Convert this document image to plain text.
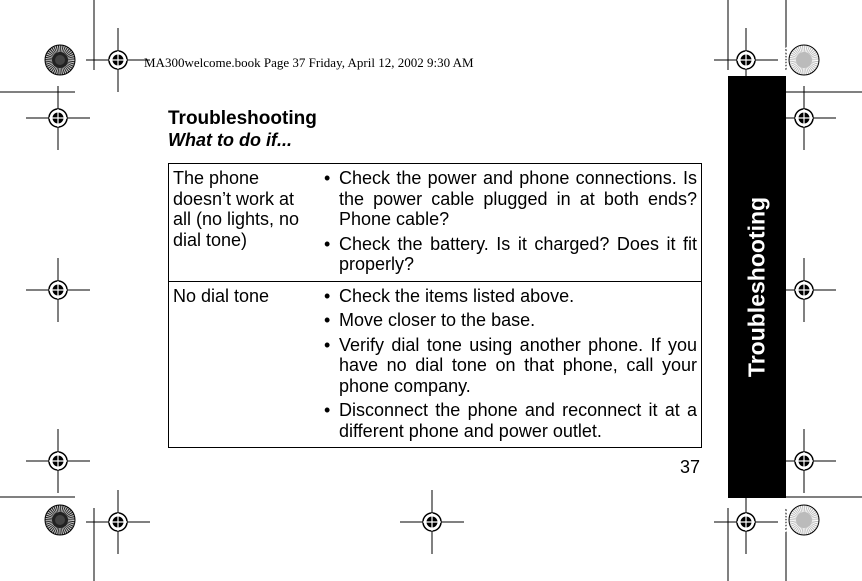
MA300welcome.book Page 37 Friday, April 12, 2002 9:30 AM
Troubleshooting
What to do if...
The phone doesn’t work at all (no lights, no dial tone)	• Check the power and phone connections. Is the power cable plugged in at both ends? Phone cable?
• Check the battery. Is it charged? Does it fit properly?

No dial tone	• Check the items listed above.
• Move closer to the base.
• Verify dial tone using another phone. If you have no dial tone on that phone, call your phone company.
• Disconnect the phone and reconnect it at a different phone and power outlet.
Troubleshooting
37
